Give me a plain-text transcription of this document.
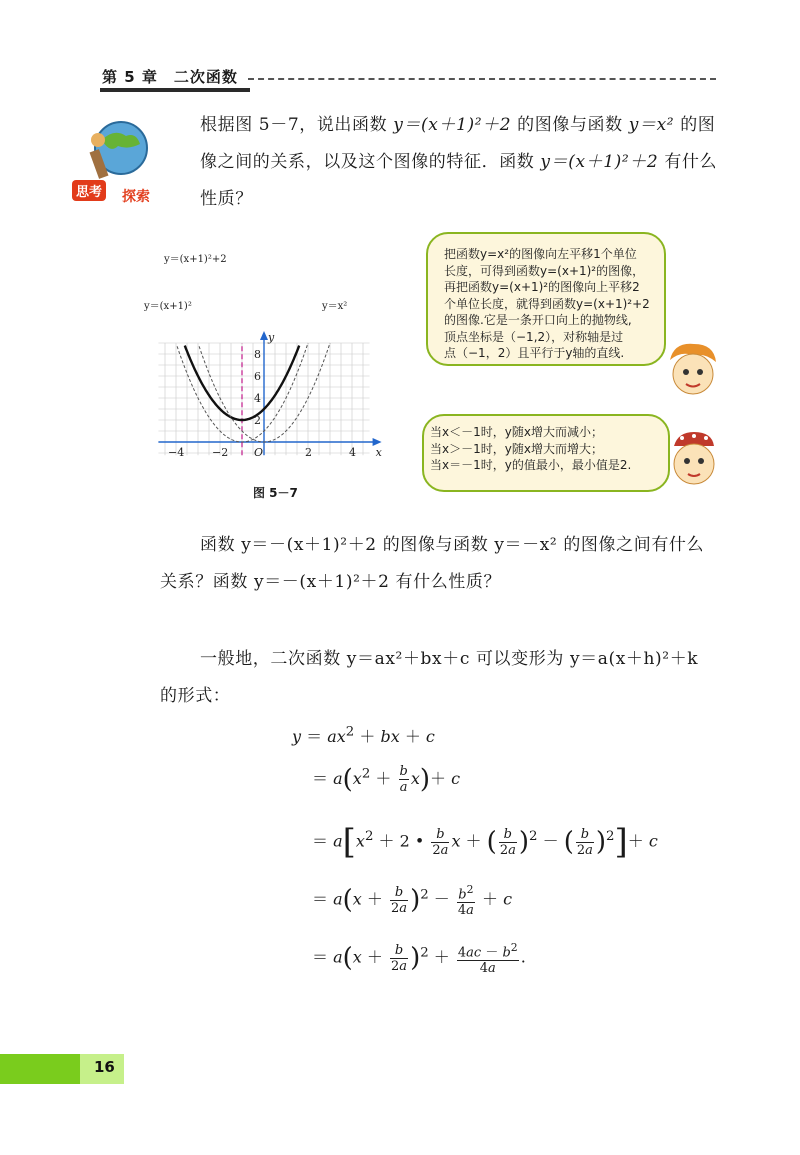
第 5 章　二次函数
思考 探索
根据图 5－7，说出函数 y＝(x＋1)²＋2 的图像与函数 y＝x² 的图像之间的关系，以及这个图像的特征．函数 y＝(x＋1)²＋2 有什么性质？
x
y
O
−4	−2	2	4
2
4
6
8
y＝(x+1)²+2
y＝(x+1)²	y＝x²
图 5－7
把函数y=x²的图像向左平移1个单位
长度，可得到函数y=(x+1)²的图像，
再把函数y=(x+1)²的图像向上平移2
个单位长度，就得到函数y=(x+1)²+2
的图像.它是一条开口向上的抛物线,
顶点坐标是（−1,2），对称轴是过
点（−1，2）且平行于y轴的直线.
当x＜－1时，y随x增大而减小；
当x＞－1时，y随x增大而增大；
当x＝－1时，y的值最小，最小值是2.
函数 y＝－(x＋1)²＋2 的图像与函数 y＝－x² 的图像之间有什么
关系？函数 y＝－(x＋1)²＋2 有什么性质？
一般地，二次函数 y＝ax²＋bx＋c 可以变形为 y＝a(x＋h)²＋k
的形式：
$y = ax^2$ ＋ bx ＋ c
＝ $a(x^2 + \frac{b}{a} x)+ c$
＝ $a[x^2 + 2$ • $\frac{b}{2a}$ x ＋ ( $\frac{b}{2a} )^2$ － ( $\frac{b}{2a} )^2]+ c$
＝ $a(x + \frac{b}{2a} )^2 - \frac{b^2}{4a} + c$
＝ $a(x + \frac{b}{2a} )^2 + \frac{4ac - b^2}{4a}$ .
16
